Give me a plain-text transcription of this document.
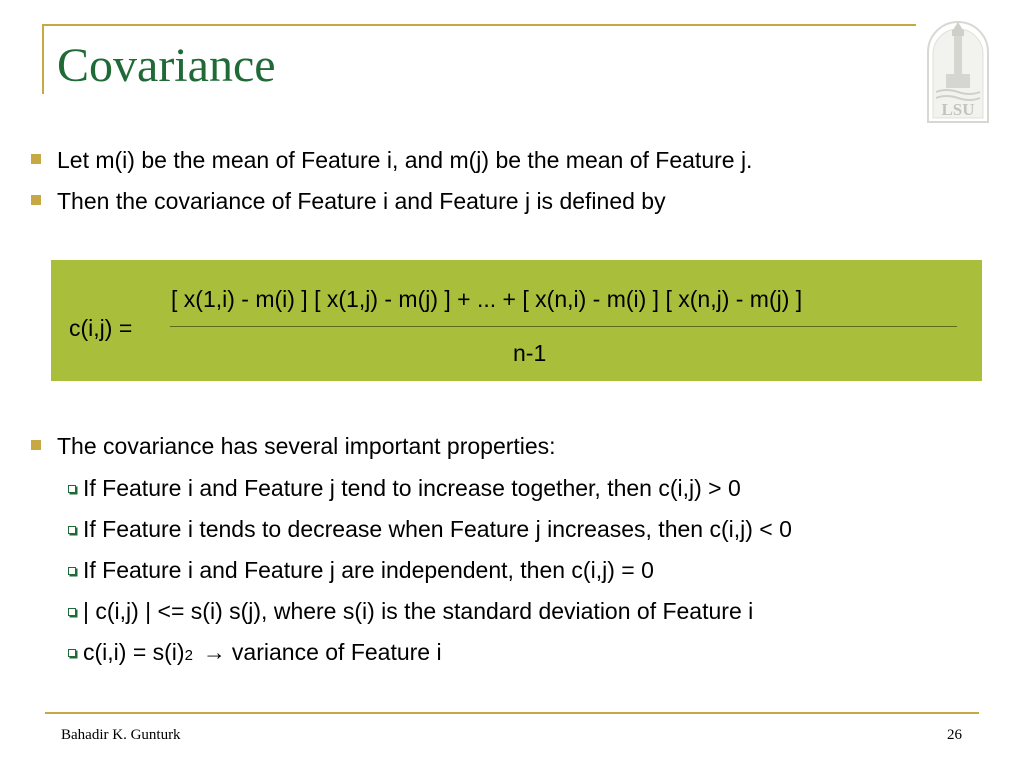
Covariance
LSU
Let m(i) be the mean of Feature i, and m(j) be the mean of Feature j.
Then the covariance of Feature i and Feature j is defined by
c(i,j) =
[ x(1,i) - m(i) ] [ x(1,j) - m(j) ] + ... + [ x(n,i) - m(i) ] [ x(n,j) - m(j) ]
n-1
The covariance has several important properties:
If Feature i and Feature j tend to increase together, then c(i,j) > 0
If Feature i tends to decrease when Feature j increases, then c(i,j) < 0
If Feature i and Feature j are independent, then c(i,j) = 0
| c(i,j) | <= s(i) s(j), where s(i) is the standard deviation of Feature i
c(i,i) = s(i) 2 → variance of Feature i
Bahadir K. Gunturk	26
